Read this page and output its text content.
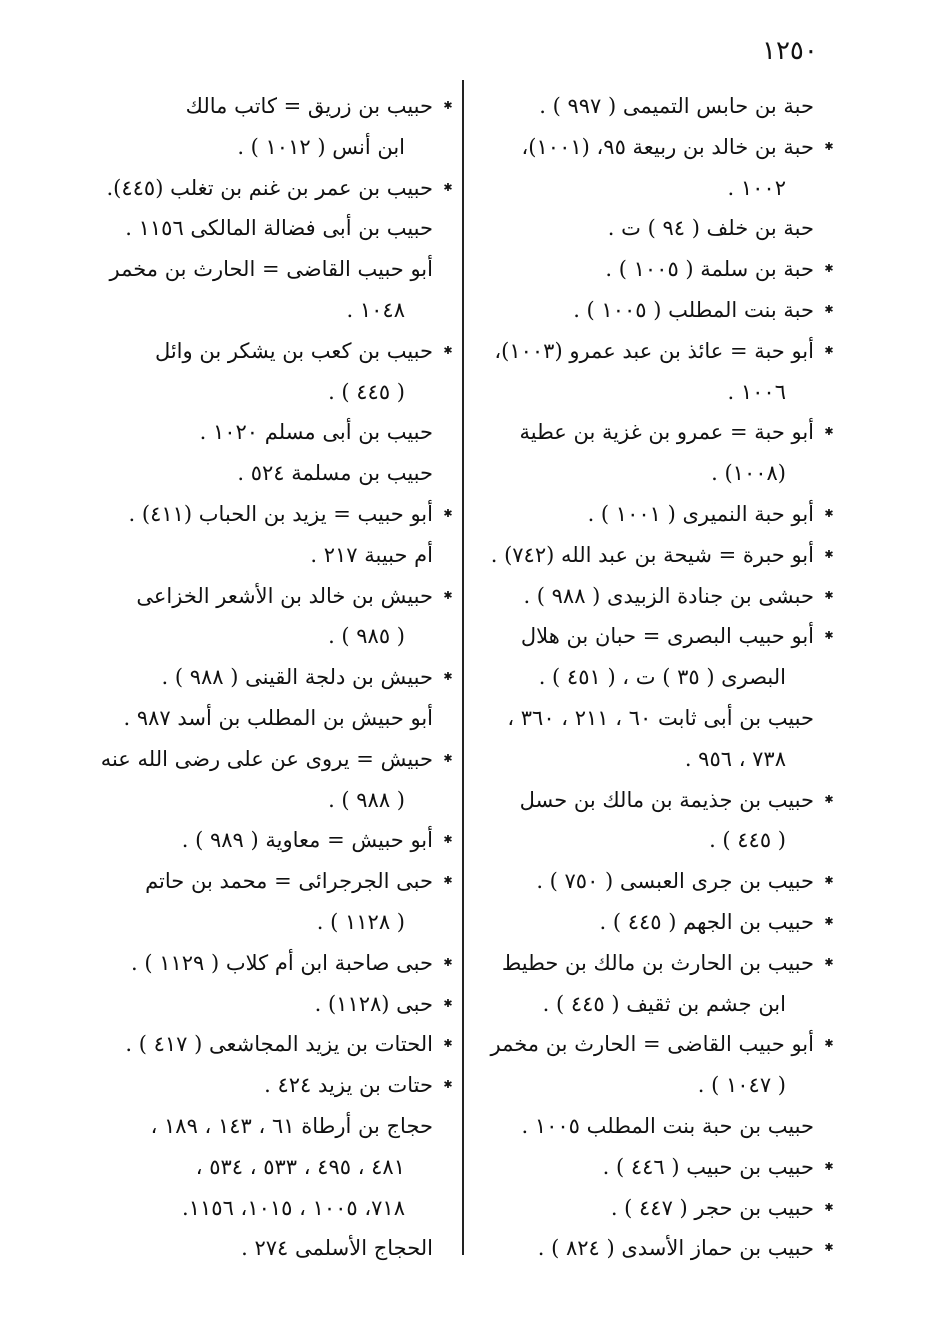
١٢٥٠
حبة بن حابس التميمى ( ٩٩٧ ) .
✱
حبة بن خالد بن ربيعة ٩٥، (١٠٠١)،
١٠٠٢ .
حبة بن خلف ( ٩٤ ) ت .
✱
حبة بن سلمة ( ١٠٠٥ ) .
✱
حبة بنت المطلب ( ١٠٠٥ ) .
✱
أبو حبة = عائذ بن عبد عمرو (١٠٠٣)،
١٠٠٦ .
✱
أبو حبة = عمرو بن غزية بن عطية
(١٠٠٨) .
✱
أبو حبة النميرى ( ١٠٠١ ) .
✱
أبو حبرة = شيحة بن عبد الله (٧٤٢) .
✱
حبشى بن جنادة الزبيدى ( ٩٨٨ ) .
✱
أبو حبيب البصرى = حبان بن هلال
البصرى ( ٣٥ ) ت ، ( ٤٥١ ) .
حبيب بن أبى ثابت ٦٠ ، ٢١١ ، ٣٦٠ ،
٧٣٨ ، ٩٥٦ .
✱
حبيب بن جذيمة بن مالك بن حسل
( ٤٤٥ ) .
✱
حبيب بن جرى العبسى ( ٧٥٠ ) .
✱
حبيب بن الجهم ( ٤٤٥ ) .
✱
حبيب بن الحارث بن مالك بن حطيط
ابن جشم بن ثقيف ( ٤٤٥ ) .
✱
أبو حبيب القاضى = الحارث بن مخمر
( ١٠٤٧ ) .
حبيب بن حبة بنت المطلب ١٠٠٥ .
✱
حبيب بن حبيب ( ٤٤٦ ) .
✱
حبيب بن حجر ( ٤٤٧ ) .
✱
حبيب بن حماز الأسدى ( ٨٢٤ ) .
✱
حبيب بن زريق = كاتب مالك
ابن أنس ( ١٠١٢ ) .
✱
حبيب بن عمر بن غنم بن تغلب (٤٤٥).
حبيب بن أبى فضالة المالكى ١١٥٦ .
أبو حبيب القاضى = الحارث بن مخمر
١٠٤٨ .
✱
حبيب بن كعب بن يشكر بن وائل
( ٤٤٥ ) .
حبيب بن أبى مسلم ١٠٢٠ .
حبيب بن مسلمة ٥٢٤ .
✱
أبو حبيب = يزيد بن الحباب (٤١١) .
أم حبيبة ٢١٧ .
✱
حبيش بن خالد بن الأشعر الخزاعى
( ٩٨٥ ) .
✱
حبيش بن دلجة القينى ( ٩٨٨ ) .
أبو حبيش بن المطلب بن أسد ٩٨٧ .
✱
حبيش = يروى عن على رضى الله عنه
( ٩٨٨ ) .
✱
أبو حبيش = معاوية ( ٩٨٩ ) .
✱
حبى الجرجرائى = محمد بن حاتم
( ١١٢٨ ) .
✱
حبى صاحبة ابن أم كلاب ( ١١٢٩ ) .
✱
حبى (١١٢٨) .
✱
الحتات بن يزيد المجاشعى ( ٤١٧ ) .
✱
حتات بن يزيد ٤٢٤ .
حجاج بن أرطاة ٦١ ، ١٤٣ ، ١٨٩ ،
٤٨١ ، ٤٩٥ ، ٥٣٣ ، ٥٣٤ ،
٧١٨، ١٠٠٥ ، ١٠١٥، ١١٥٦.
الحجاج الأسلمى ٢٧٤ .
